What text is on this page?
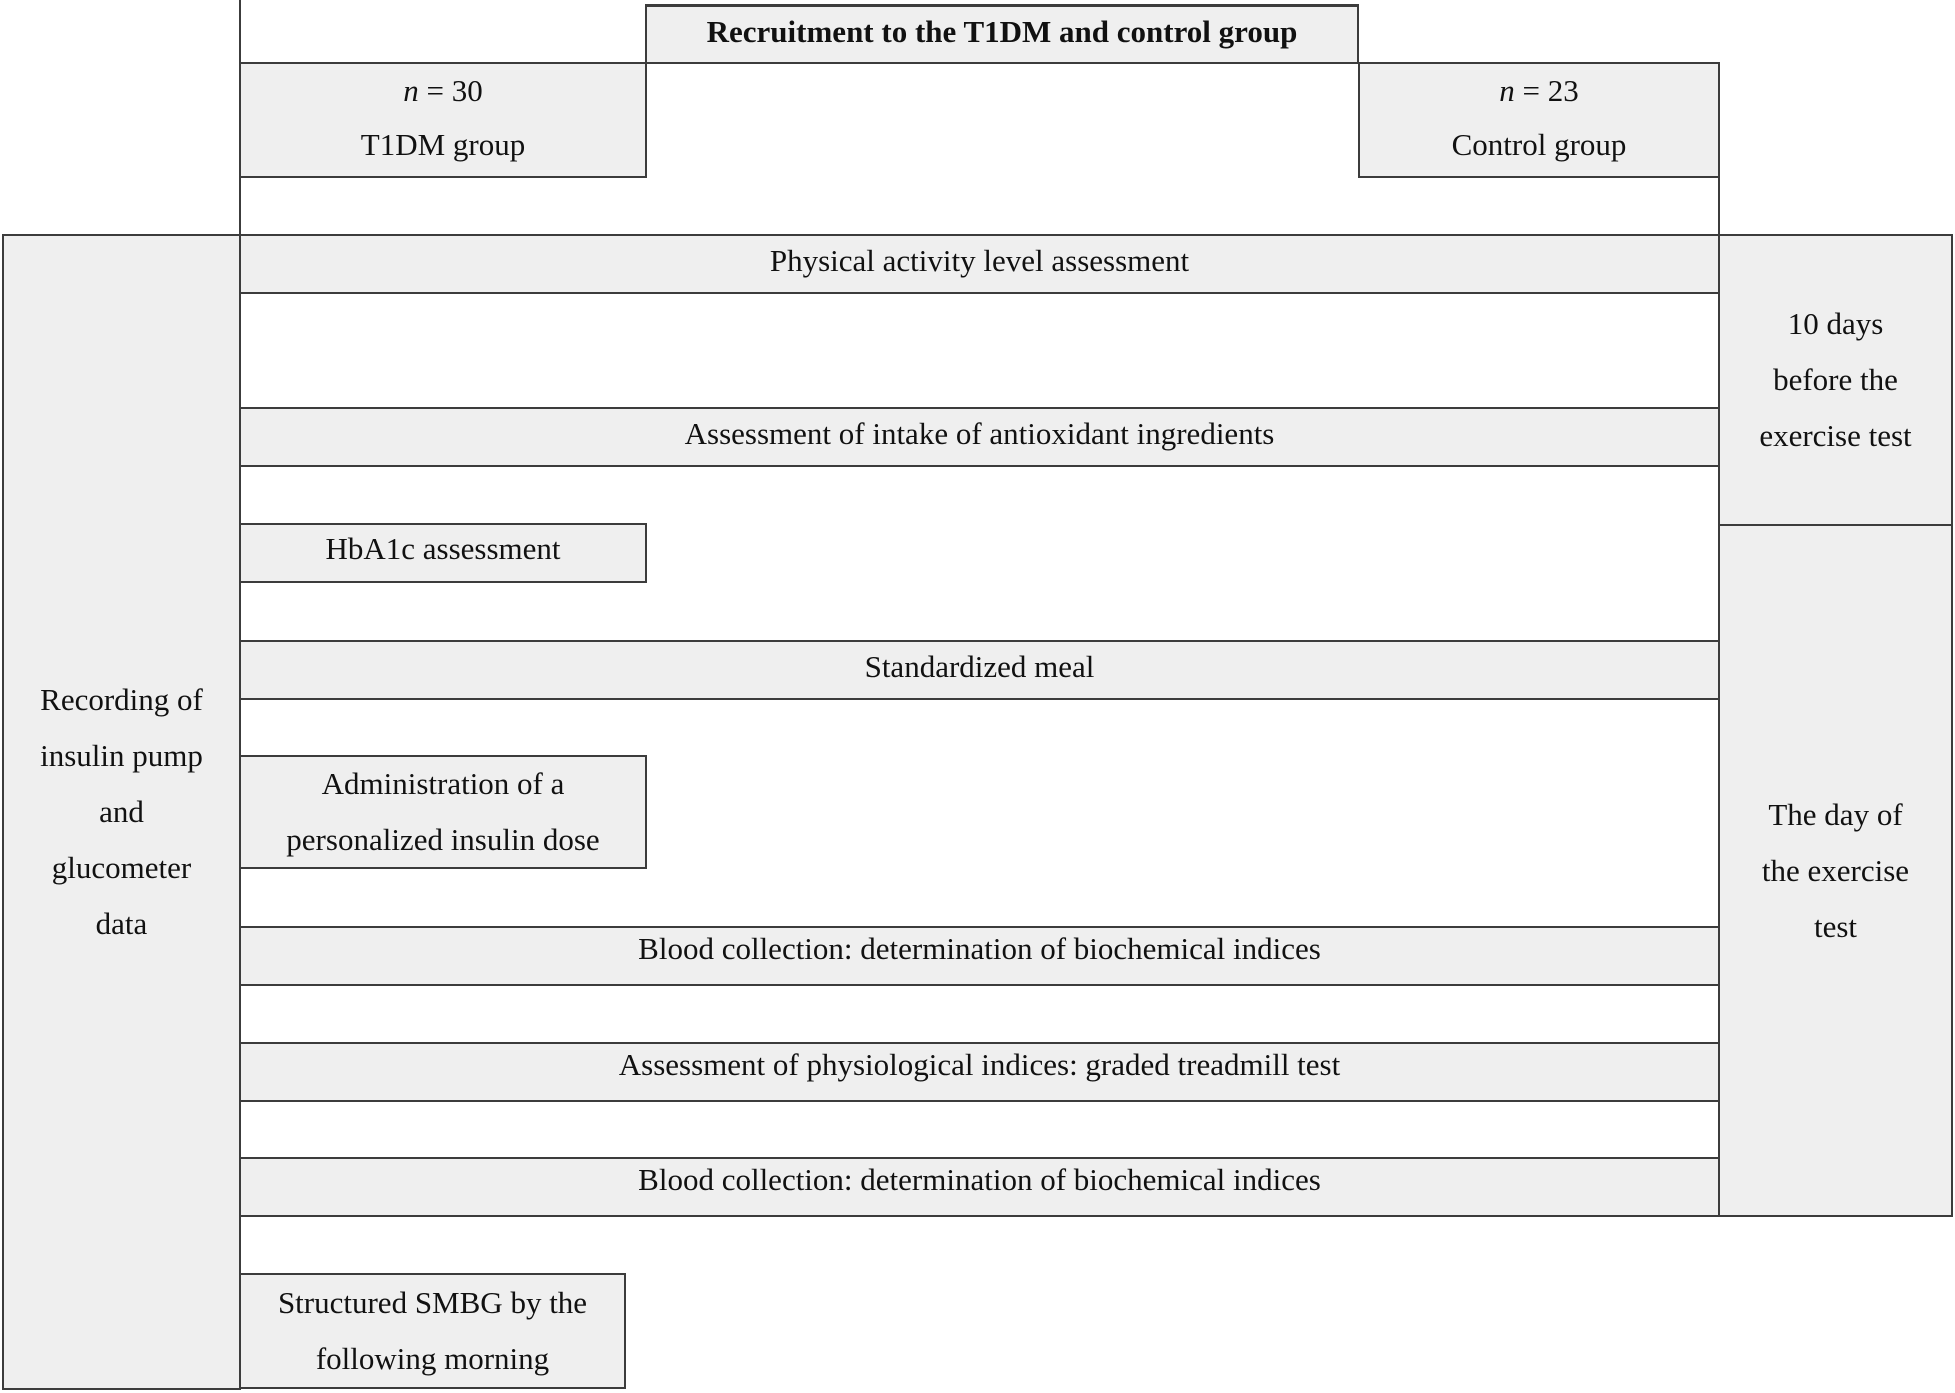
Recruitment to the T1DM and control group
n = 30
T1DM group
n = 23
Control group
Recording of
insulin pump
and
glucometer
data
Physical activity level assessment
Assessment of intake of antioxidant ingredients
10 days
before the
exercise test
HbA1c assessment
Standardized meal
Administration of a
personalized insulin dose
Blood collection: determination of biochemical indices
Assessment of physiological indices: graded treadmill test
Blood collection: determination of biochemical indices
The day of
the exercise
test
Structured SMBG by the
following morning
